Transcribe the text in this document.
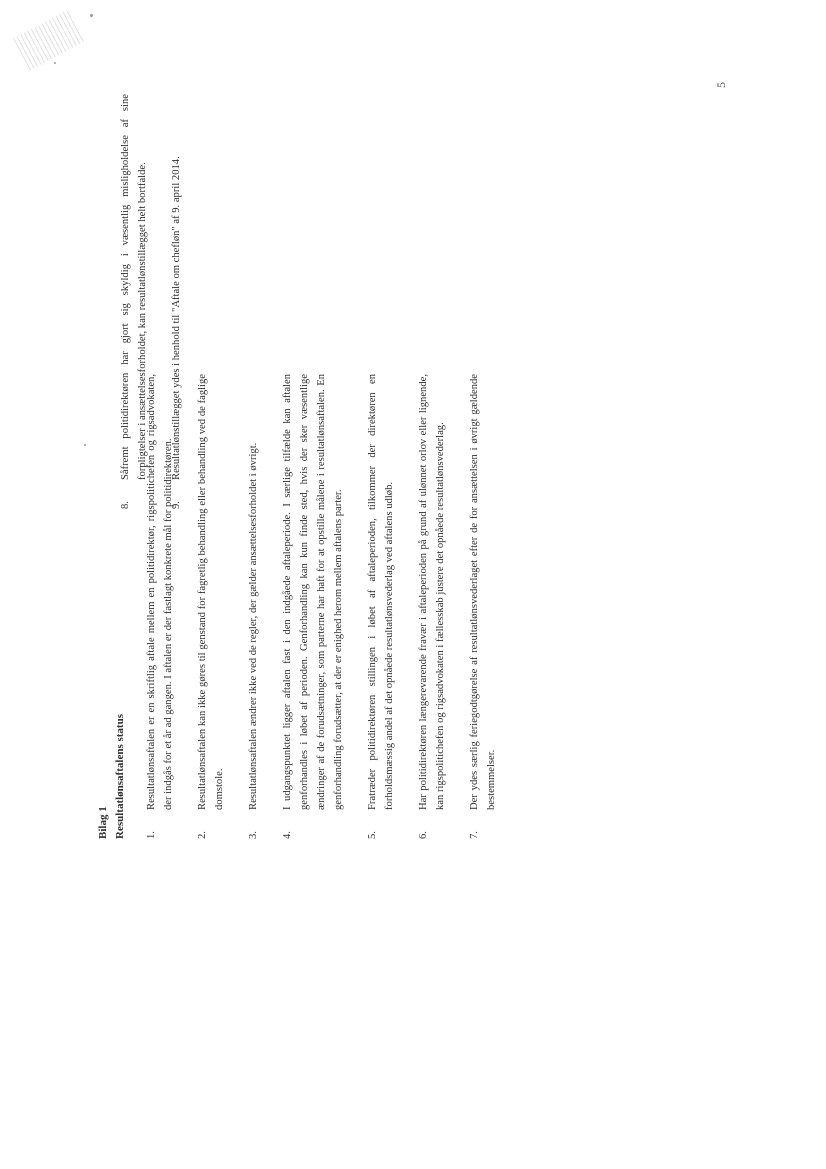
5

Bilag 1 Resultatlønsaftalens status 1.
Resultatlønsaftalen er en skriftlig aftale mellem en politidirektør, rigspolitichefen og rigsadvokaten, der indgås for et år ad gangen. I aftalen er der fastlagt konkrete mål for politidirektøren.
2.
Resultatlønsaftalen kan ikke gøres til genstand for fagretlig behandling eller behandling ved de faglige domstole.
3.
Resultatlønsaftalen ændrer ikke ved de regler, der gælder ansættelsesforholdet i øvrigt.
4.
I udgangspunktet ligger aftalen fast i den indgåede aftaleperiode. I særlige tilfælde kan aftalen genforhandles i løbet af perioden. Genforhandling kan kun finde sted, hvis der sker væsentlige ændringer af de forudsætninger, som parterne har haft for at opstille målene i resultatlønsaftalen. En genforhandling forudsætter, at der er enighed herom mellem aftalens parter.
5.
Fratræder politidirektøren stillingen i løbet af aftaleperioden, tilkommer der direktøren en forholdsmæssig andel af det opnåede resultatlønsvederlag ved aftalens udløb.
6.
Har politidirektøren længerevarende fravær i aftaleperioden på grund af ulønnet orlov eller lignende, kan rigspolitichefen og rigsadvokaten i fællesskab justere det opnåede resultatlønsvederlag.
7.
Der ydes særlig feriegodtgørelse af resultatlønsvederlaget efter de for ansættelsen i øvrigt gældende bestemmelser.
8.
Såfremt politidirektøren har gjort sig skyldig i væsentlig misligholdelse af sine forpligtelser i ansættelsesforholdet, kan resultatlønstillægget helt bortfalde.
9.
Resultatlønstillægget ydes i henhold til "Aftale om chefløn" af 9. april 2014.
